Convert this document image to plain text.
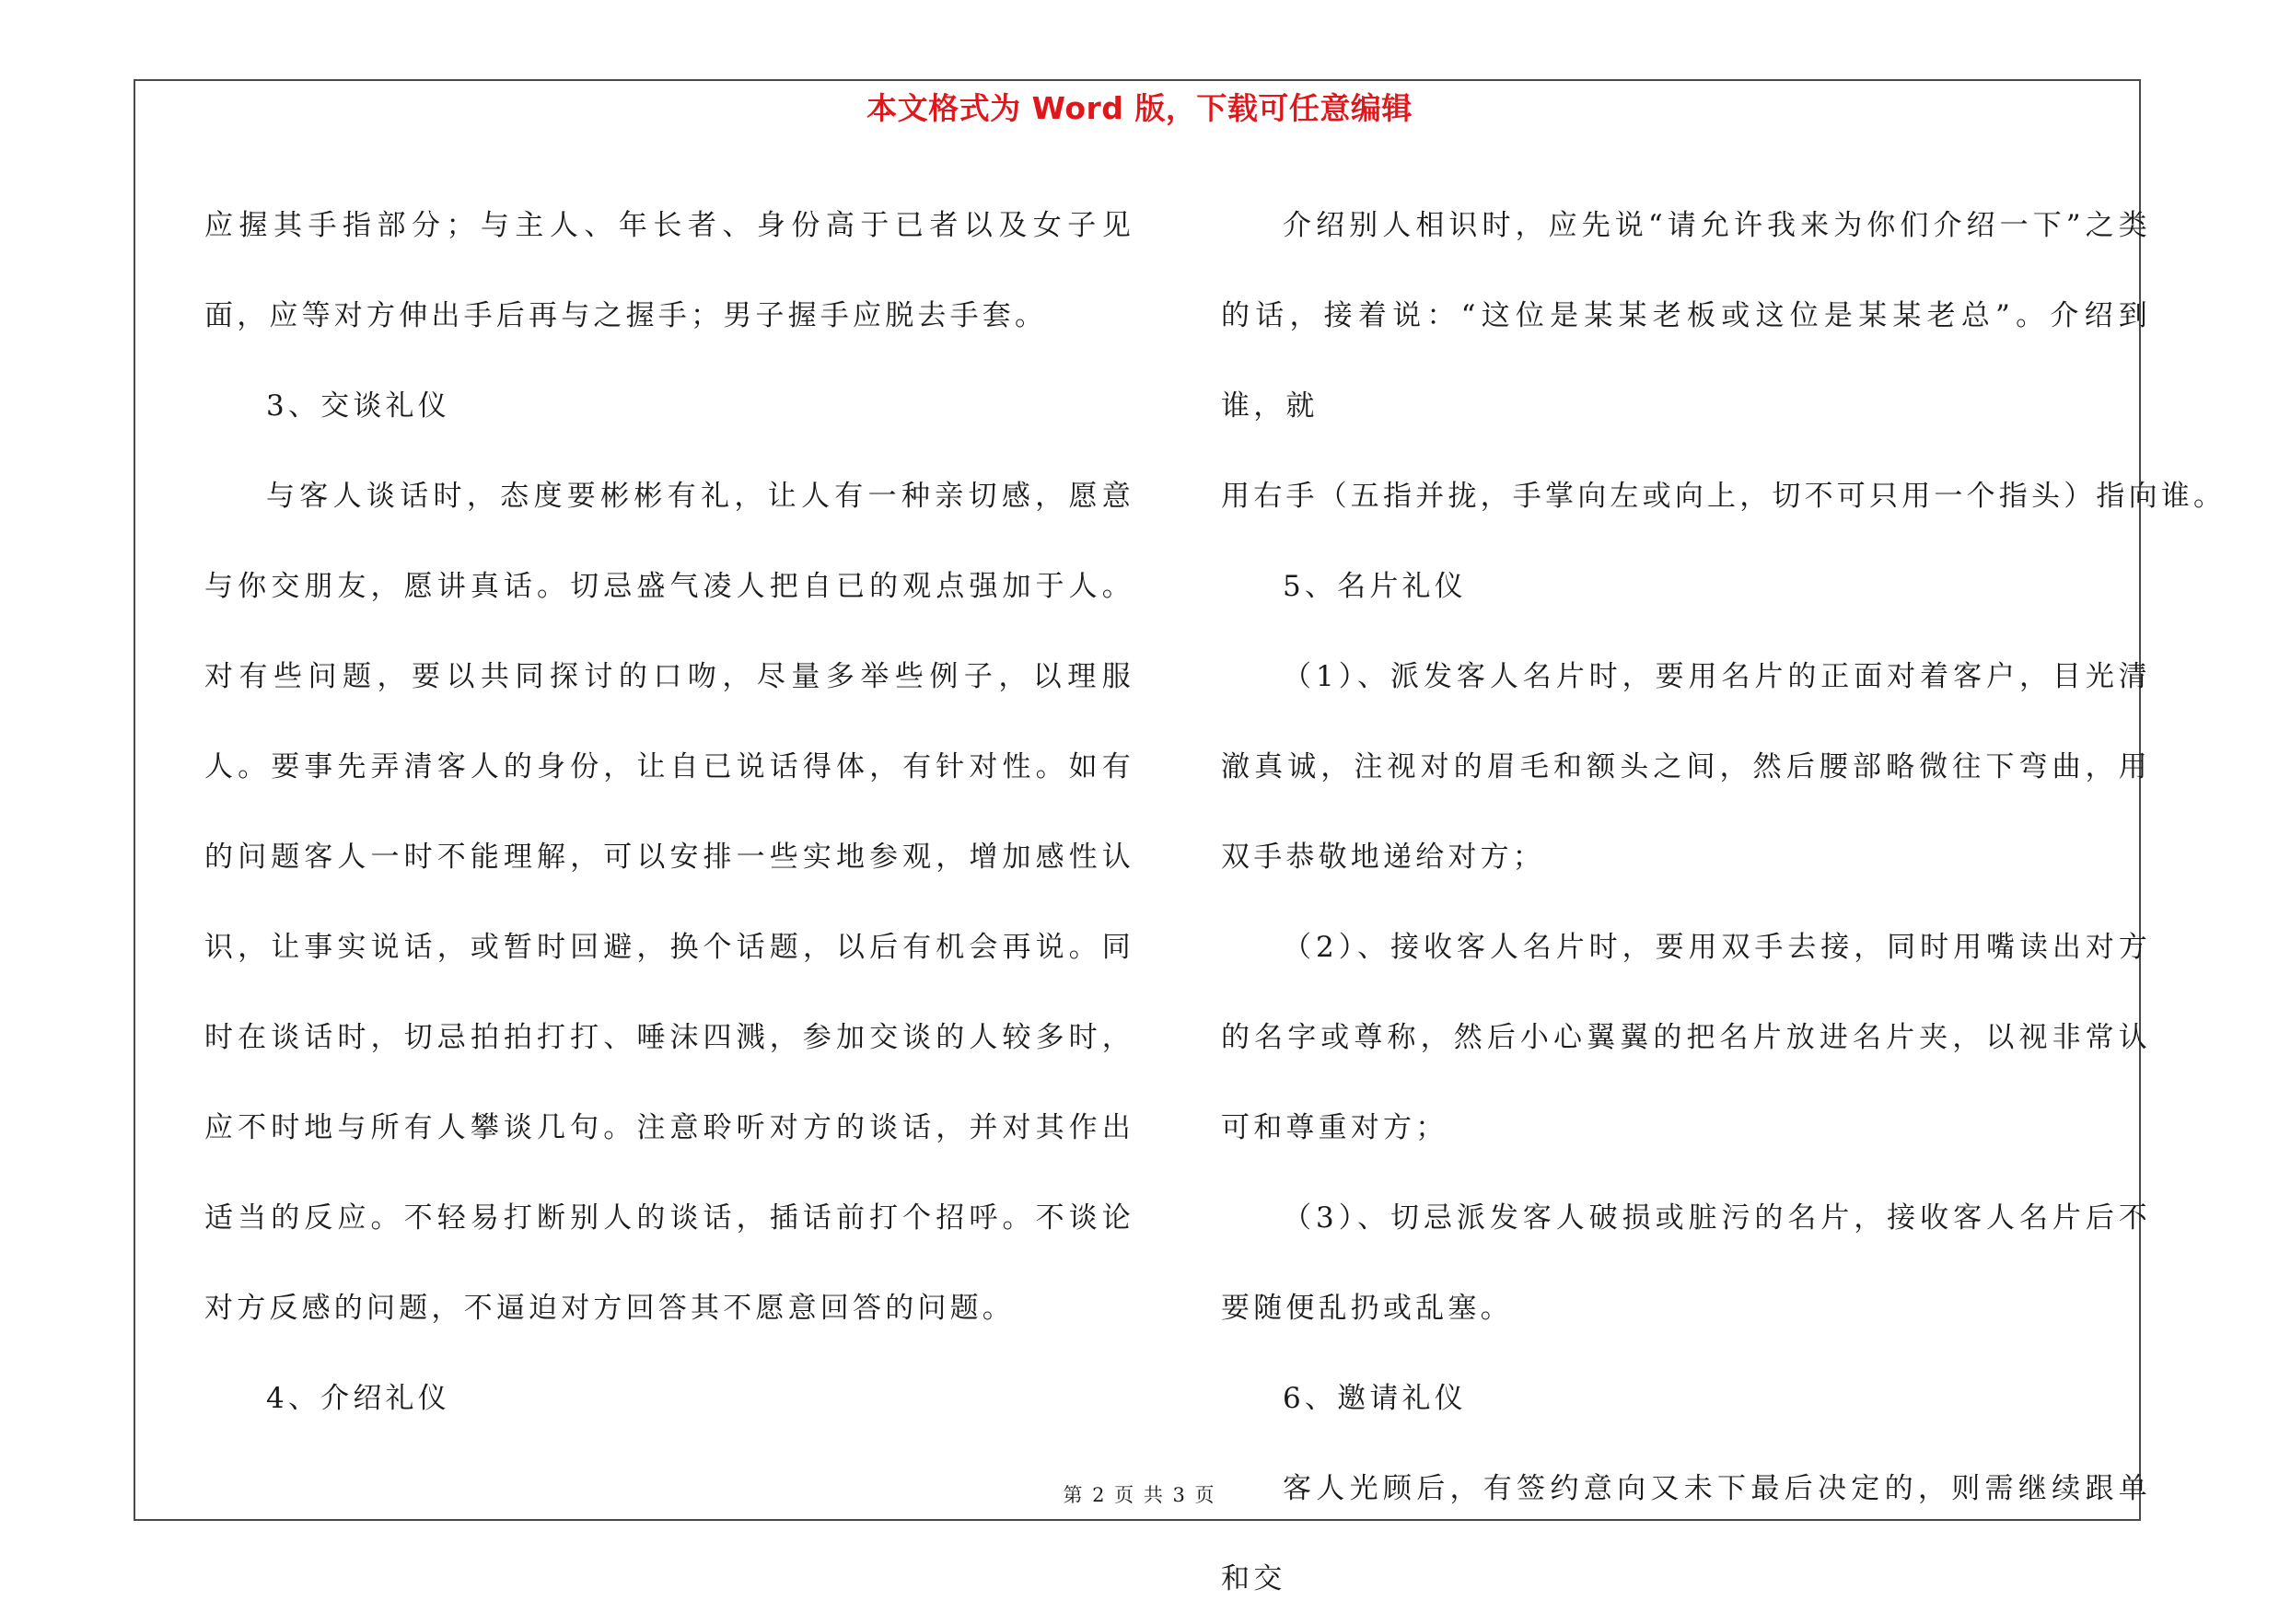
本文格式为 Word 版，下载可任意编辑

应握其手指部分；与主人、年长者、身份高于已者以及女子见面，应等对方伸出手后再与之握手；男子握手应脱去手套。

3、交谈礼仪

与客人谈话时，态度要彬彬有礼，让人有一种亲切感，愿意与你交朋友，愿讲真话。切忌盛气凌人把自已的观点强加于人。对有些问题，要以共同探讨的口吻，尽量多举些例子，以理服人。要事先弄清客人的身份，让自已说话得体，有针对性。如有的问题客人一时不能理解，可以安排一些实地参观，增加感性认识，让事实说话，或暂时回避，换个话题，以后有机会再说。同时在谈话时，切忌拍拍打打、唾沫四溅，参加交谈的人较多时，应不时地与所有人攀谈几句。注意聆听对方的谈话，并对其作出适当的反应。不轻易打断别人的谈话，插话前打个招呼。不谈论对方反感的问题，不逼迫对方回答其不愿意回答的问题。

4、介绍礼仪

介绍别人相识时，应先说“请允许我来为你们介绍一下”之类的话，接着说：“这位是某某老板或这位是某某老总”。介绍到谁，就

用右手（五指并拢，手掌向左或向上，切不可只用一个指头）指向谁。

5、名片礼仪

（1）、派发客人名片时，要用名片的正面对着客户，目光清澈真诚，注视对的眉毛和额头之间，然后腰部略微往下弯曲，用双手恭敬地递给对方；

（2）、接收客人名片时，要用双手去接，同时用嘴读出对方的名字或尊称，然后小心翼翼的把名片放进名片夹，以视非常认可和尊重对方；

（3）、切忌派发客人破损或脏污的名片，接收客人名片后不要随便乱扔或乱塞。

6、邀请礼仪

客人光顾后，有签约意向又未下最后决定的，则需继续跟单和交

第 2 页 共 3 页
